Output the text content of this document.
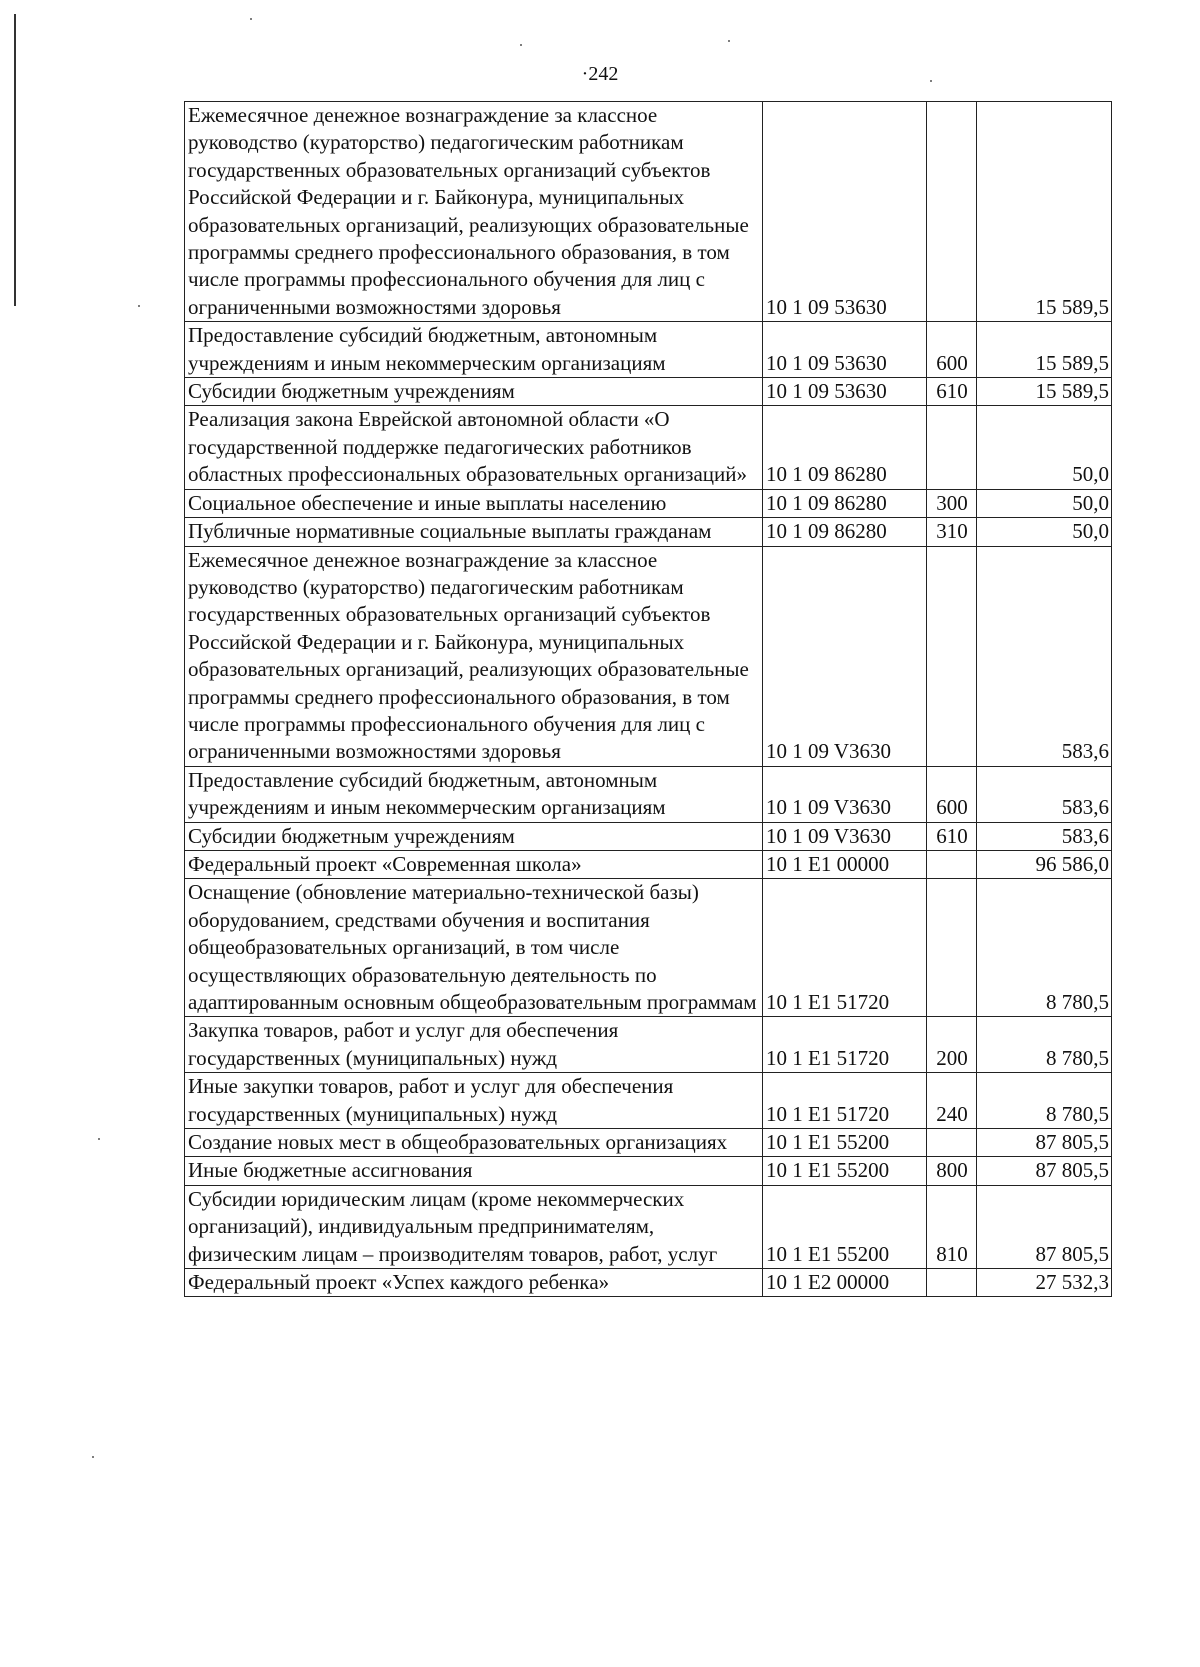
·242
Ежемесячное денежное вознаграждение за классное руководство (кураторство) педагогическим работникам государственных образовательных организаций субъектов Российской Федерации и г. Байконура, муниципальных образовательных организаций, реализующих образовательные программы среднего профессионального образования, в том числе программы профессионального обучения для лиц с ограниченными возможностями здоровья	10 1 09 53630		15 589,5
Предоставление субсидий бюджетным, автономным учреждениям и иным некоммерческим организациям	10 1 09 53630	600	15 589,5
Субсидии бюджетным учреждениям	10 1 09 53630	610	15 589,5
Реализация закона Еврейской автономной области «О государственной поддержке педагогических работников областных профессиональных образовательных организаций»	10 1 09 86280		50,0
Социальное обеспечение и иные выплаты населению	10 1 09 86280	300	50,0
Публичные нормативные социальные выплаты гражданам	10 1 09 86280	310	50,0
Ежемесячное денежное вознаграждение за классное руководство (кураторство) педагогическим работникам государственных образовательных организаций субъектов Российской Федерации и г. Байконура, муниципальных образовательных организаций, реализующих образовательные программы среднего профессионального образования, в том числе программы профессионального обучения для лиц с ограниченными возможностями здоровья	10 1 09 V3630		583,6
Предоставление субсидий бюджетным, автономным учреждениям и иным некоммерческим организациям	10 1 09 V3630	600	583,6
Субсидии бюджетным учреждениям	10 1 09 V3630	610	583,6
Федеральный проект «Современная школа»	10 1 E1 00000		96 586,0
Оснащение (обновление материально-технической базы) оборудованием, средствами обучения и воспитания общеобразовательных организаций, в том числе осуществляющих образовательную деятельность по адаптированным основным общеобразовательным программам	10 1 E1 51720		8 780,5
Закупка товаров, работ и услуг для обеспечения государственных (муниципальных) нужд	10 1 E1 51720	200	8 780,5
Иные закупки товаров, работ и услуг для обеспечения государственных (муниципальных) нужд	10 1 E1 51720	240	8 780,5
Создание новых мест в общеобразовательных организациях	10 1 E1 55200		87 805,5
Иные бюджетные ассигнования	10 1 E1 55200	800	87 805,5
Субсидии юридическим лицам (кроме некоммерческих организаций), индивидуальным предпринимателям, физическим лицам – производителям товаров, работ, услуг	10 1 E1 55200	810	87 805,5
Федеральный проект «Успех каждого ребенка»	10 1 E2 00000		27 532,3
